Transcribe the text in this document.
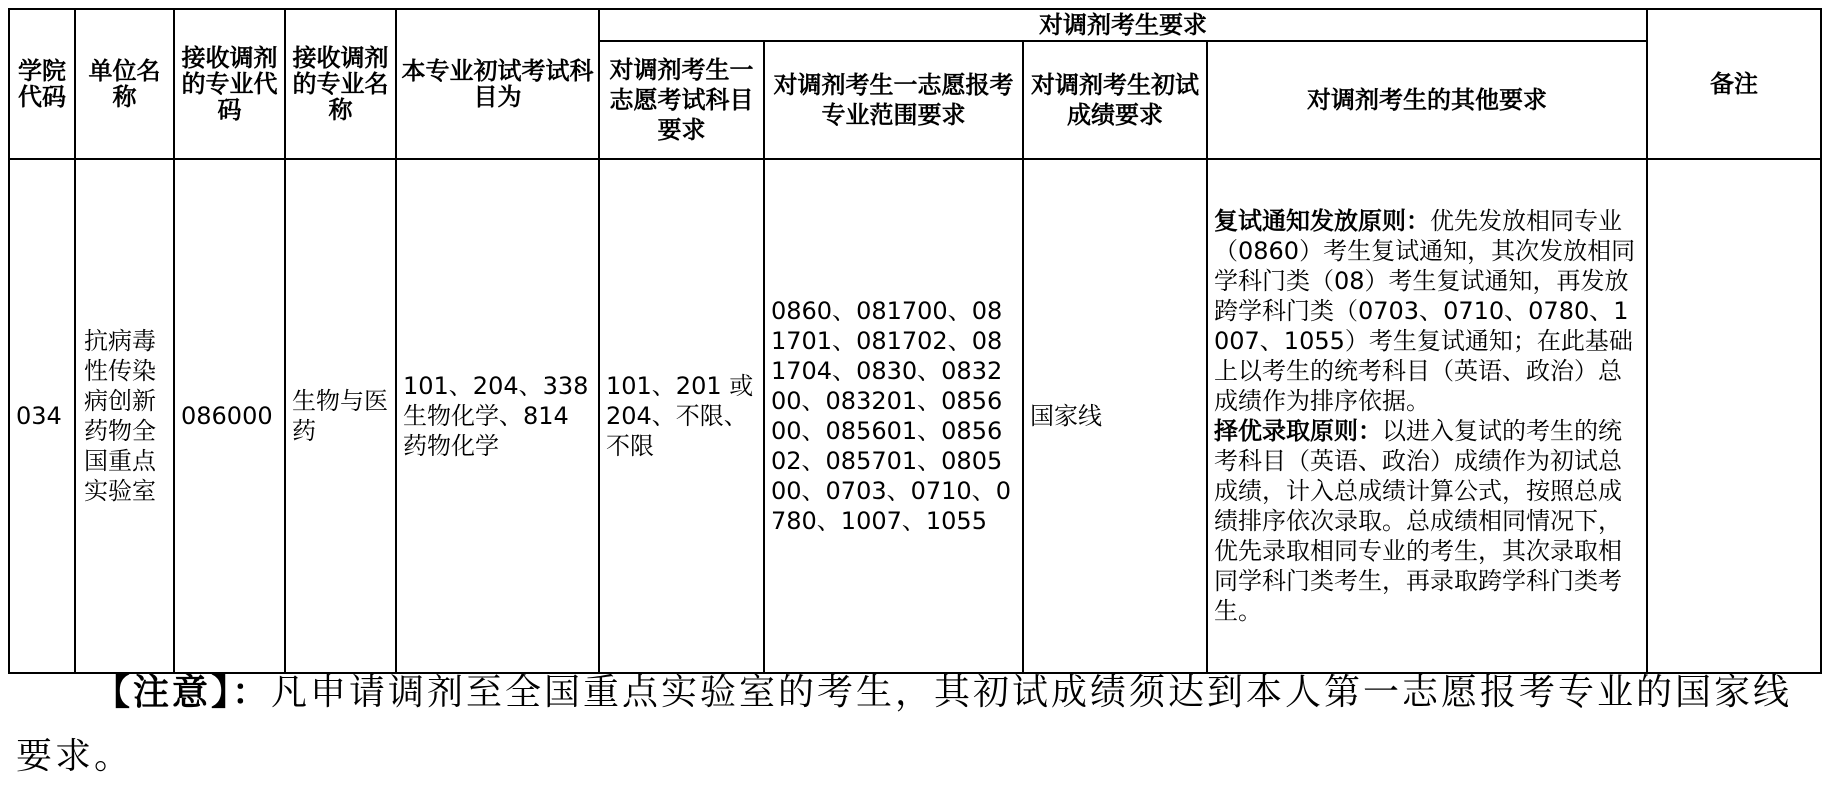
学院代码	单位名称	接收调剂的专业代码	接收调剂的专业名称	本专业初试考试科目为	对调剂考生要求				备注
					对调剂考生一志愿考试科目要求	对调剂考生一志愿报考专业范围要求	对调剂考生初试成绩要求	对调剂考生的其他要求	
034	抗病毒性传染病创新药物全国重点实验室	086000	生物与医药	101、204、338 生物化学、814 药物化学	101、201 或 204、不限、不限	0860、081700、081701、081702、081704、0830、083200、083201、085600、085601、085602、085701、080500、0703、0710、0780、1007、1055	国家线	复试通知发放原则：优先发放相同专业（0860）考生复试通知，其次发放相同学科门类（08）考生复试通知，再发放跨学科门类（0703、0710、0780、1007、1055）考生复试通知；在此基础上以考生的统考科目（英语、政治）总成绩作为排序依据。
择优录取原则：以进入复试的考生的统考科目（英语、政治）成绩作为初试总成绩，计入总成绩计算公式，按照总成绩排序依次录取。总成绩相同情况下，优先录取相同专业的考生，其次录取相同学科门类考生，再录取跨学科门类考生。	
【注意】：凡申请调剂至全国重点实验室的考生，其初试成绩须达到本人第一志愿报考专业的国家线要求。
